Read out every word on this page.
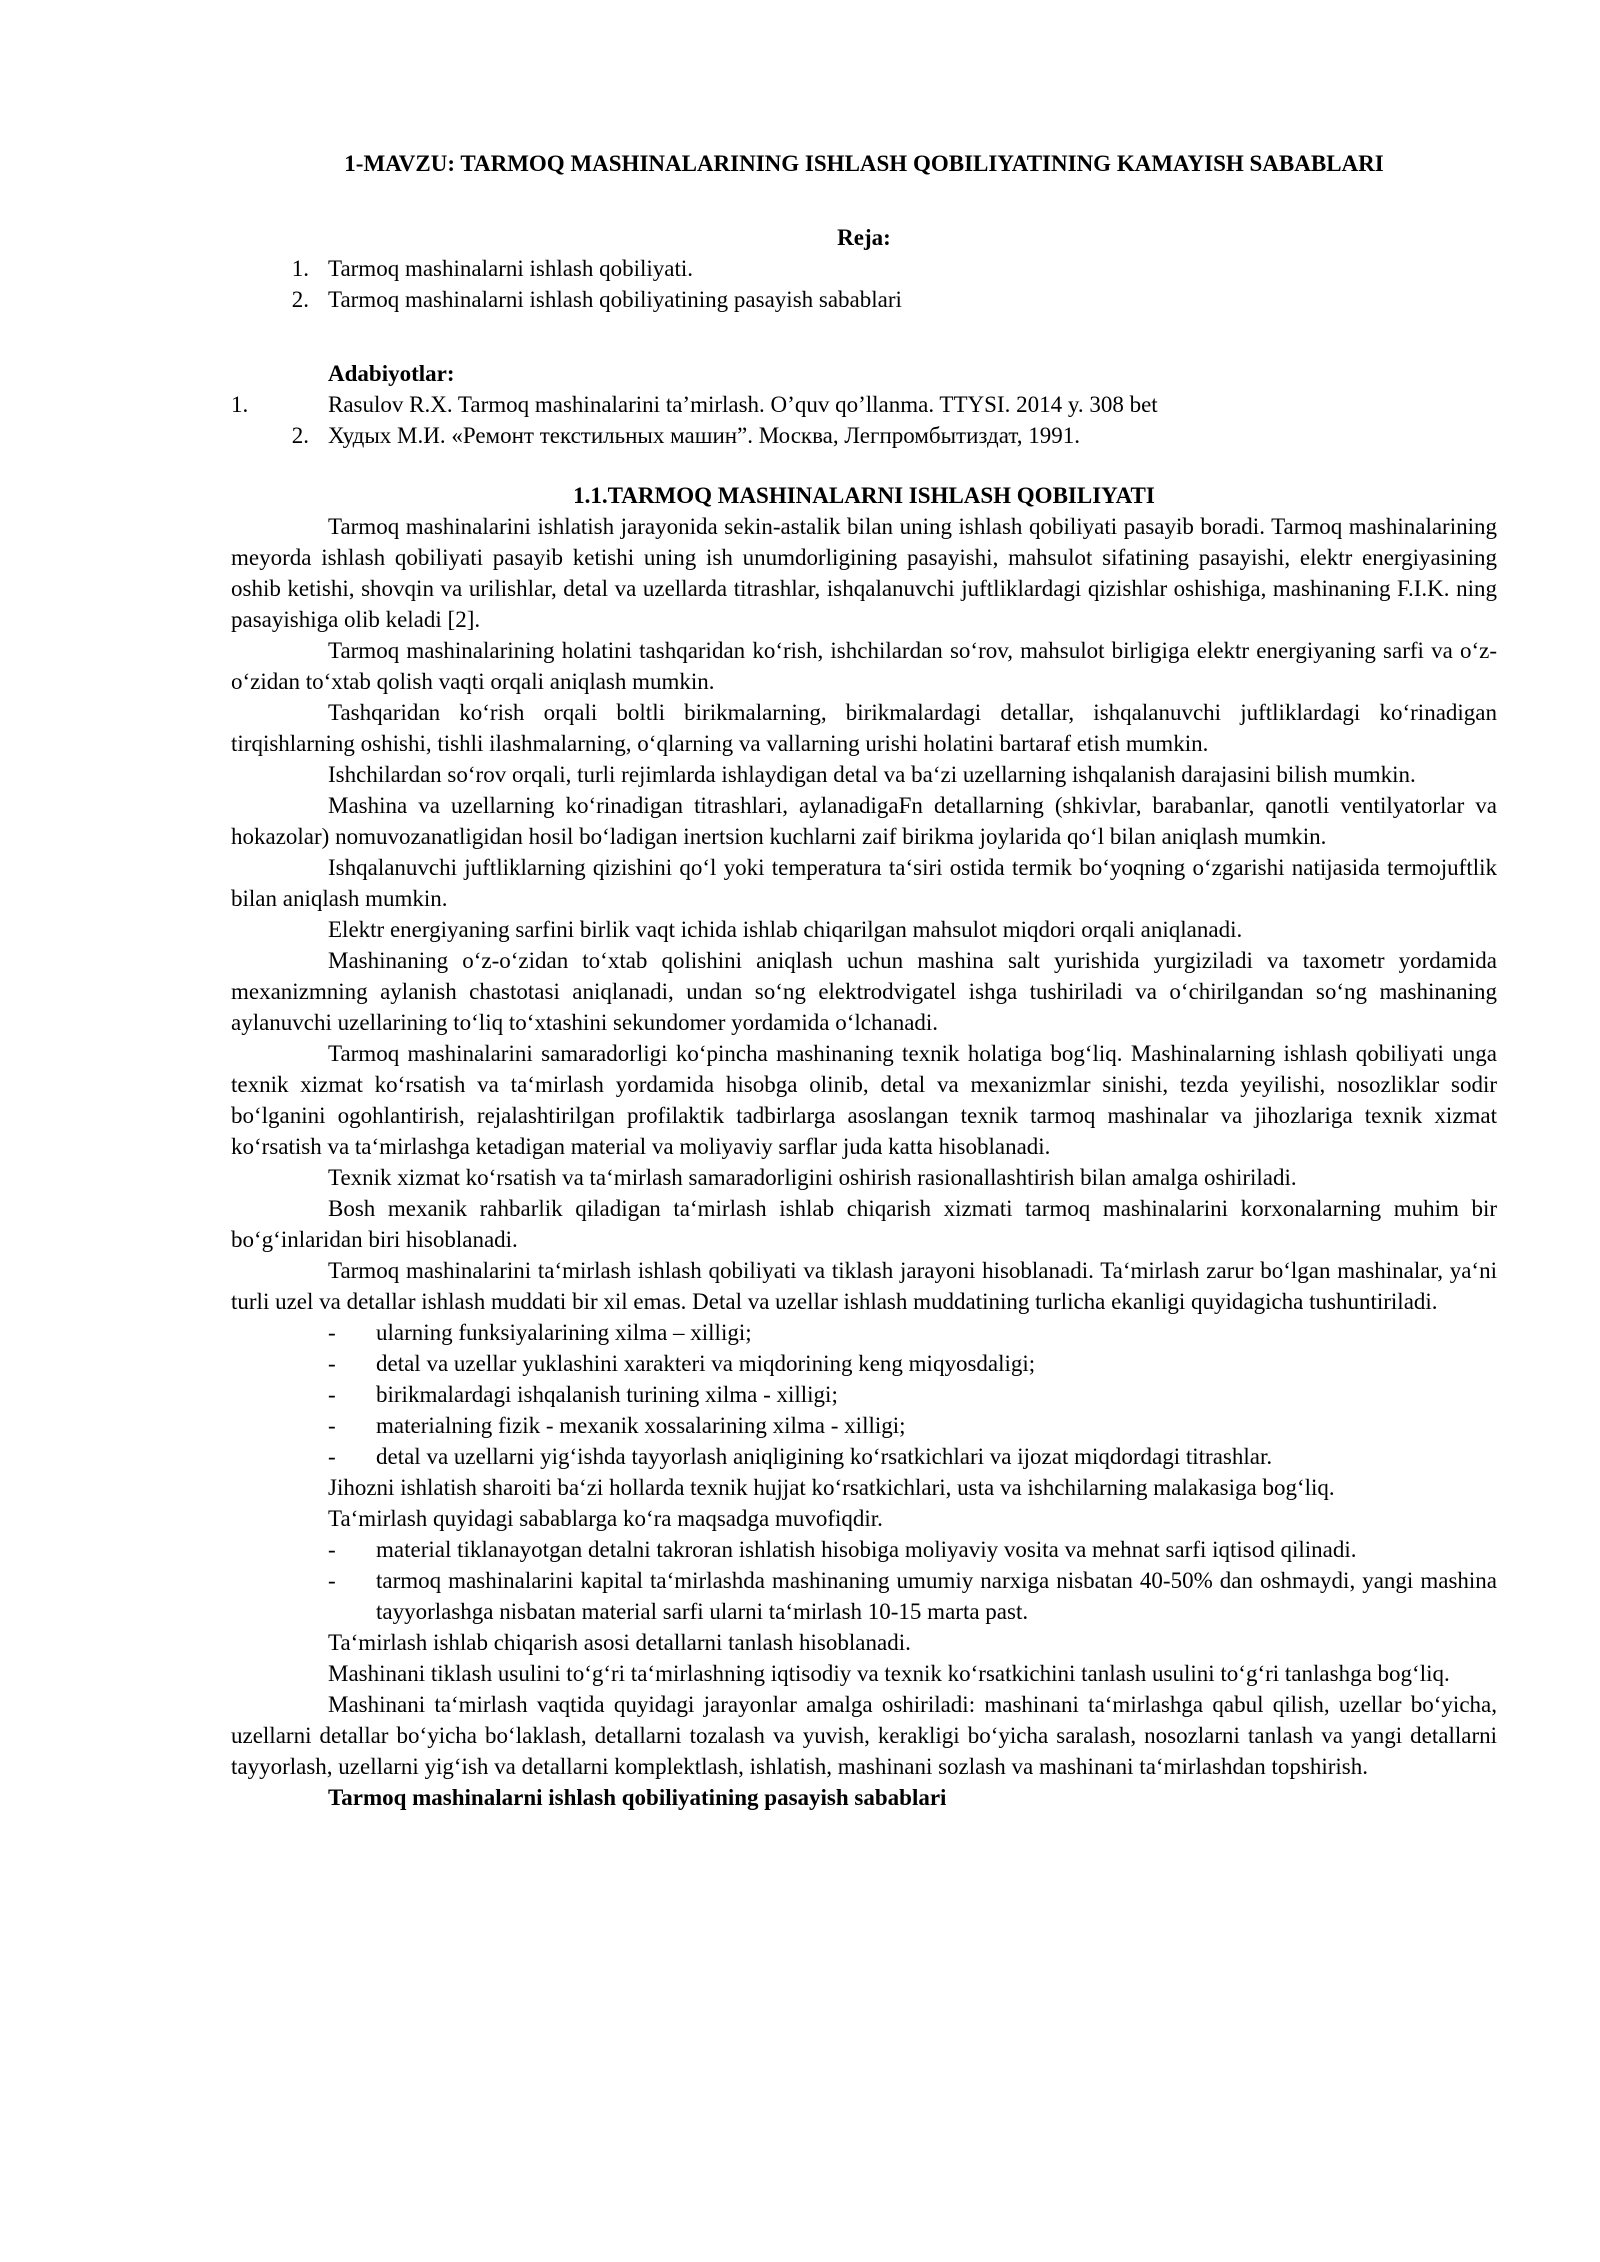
1-MAVZU: TARMOQ MASHINALARINING ISHLASH QOBILIYATINING KAMAYISH SABABLARI

Reja:

1. Tarmoq mashinalarni ishlash qobiliyati.
2. Tarmoq mashinalarni ishlash qobiliyatining pasayish sabablari

Adabiyotlar:

1.	Rasulov R.X. Tarmoq mashinalarini ta’mirlash. O’quv qo’llanma. TTYSI. 2014 y. 308 bet
2. Худых М.И. «Ремонт текстильных машин”. Москва, Легпромбытиздат, 1991.

1.1.TARMOQ MASHINALARNI ISHLASH QOBILIYATI

Tarmoq mashinalarini ishlatish jarayonida sekin-astalik bilan uning ishlash qobiliyati pasayib boradi. Tarmoq mashinalarining meyorda ishlash qobiliyati pasayib ketishi uning ish unumdorligining pasayishi, mahsulot sifatining pasayishi, elektr energiyasining oshib ketishi, shovqin va urilishlar, detal va uzellarda titrashlar, ishqalanuvchi juftliklardagi qizishlar oshishiga, mashinaning F.I.K. ning pasayishiga olib keladi [2].

Tarmoq mashinalarining holatini tashqaridan ko‘rish, ishchilardan so‘rov, mahsulot birligiga elektr energiyaning sarfi va o‘z-o‘zidan to‘xtab qolish vaqti orqali aniqlash mumkin.

Tashqaridan ko‘rish orqali boltli birikmalarning, birikmalardagi detallar, ishqalanuvchi juftliklardagi ko‘rinadigan tirqishlarning oshishi, tishli ilashmalarning, o‘qlarning va vallarning urishi holatini bartaraf etish mumkin.

Ishchilardan so‘rov orqali, turli rejimlarda ishlaydigan detal va ba‘zi uzellarning ishqalanish darajasini bilish mumkin.

Mashina va uzellarning ko‘rinadigan titrashlari, aylanadigaFn detallarning (shkivlar, barabanlar, qanotli ventilyatorlar va hokazolar) nomuvozanatligidan hosil bo‘ladigan inertsion kuchlarni zaif birikma joylarida qo‘l bilan aniqlash mumkin.

Ishqalanuvchi juftliklarning qizishini qo‘l yoki temperatura ta‘siri ostida termik bo‘yoqning o‘zgarishi natijasida termojuftlik bilan aniqlash mumkin.

Elektr energiyaning sarfini birlik vaqt ichida ishlab chiqarilgan mahsulot miqdori orqali aniqlanadi.

Mashinaning o‘z-o‘zidan to‘xtab qolishini aniqlash uchun mashina salt yurishida yurgiziladi va taxometr yordamida mexanizmning aylanish chastotasi aniqlanadi, undan so‘ng elektrodvigatel ishga tushiriladi va o‘chirilgandan so‘ng mashinaning aylanuvchi uzellarining to‘liq to‘xtashini sekundomer yordamida o‘lchanadi.

Tarmoq mashinalarini samaradorligi ko‘pincha mashinaning texnik holatiga bog‘liq. Mashinalarning ishlash qobiliyati unga texnik xizmat ko‘rsatish va ta‘mirlash yordamida hisobga olinib, detal va mexanizmlar sinishi, tezda yeyilishi, nosozliklar sodir bo‘lganini ogohlantirish, rejalashtirilgan profilaktik tadbirlarga asoslangan texnik tarmoq mashinalar va jihozlariga texnik xizmat ko‘rsatish va ta‘mirlashga ketadigan material va moliyaviy sarflar juda katta hisoblanadi.

Texnik xizmat ko‘rsatish va ta‘mirlash samaradorligini oshirish rasionallashtirish bilan amalga oshiriladi.

Bosh mexanik rahbarlik qiladigan ta‘mirlash ishlab chiqarish xizmati tarmoq mashinalarini korxonalarning muhim bir bo‘g‘inlaridan biri hisoblanadi.

Tarmoq mashinalarini ta‘mirlash ishlash qobiliyati va tiklash jarayoni hisoblanadi. Ta‘mirlash zarur bo‘lgan mashinalar, ya‘ni turli uzel va detallar ishlash muddati bir xil emas. Detal va uzellar ishlash muddatining turlicha ekanligi quyidagicha tushuntiriladi.

- ularning funksiyalarining xilma – xilligi;
- detal va uzellar yuklashini xarakteri va miqdorining keng miqyosdaligi;
- birikmalardagi ishqalanish turining xilma - xilligi;
- materialning fizik - mexanik xossalarining xilma - xilligi;
- detal va uzellarni yig‘ishda tayyorlash aniqligining ko‘rsatkichlari va ijozat miqdordagi titrashlar.

Jihozni ishlatish sharoiti ba‘zi hollarda texnik hujjat ko‘rsatkichlari, usta va ishchilarning malakasiga bog‘liq.

Ta‘mirlash quyidagi sabablarga ko‘ra maqsadga muvofiqdir.

- material tiklanayotgan detalni takroran ishlatish hisobiga moliyaviy vosita va mehnat sarfi iqtisod qilinadi.
- tarmoq mashinalarini kapital ta‘mirlashda mashinaning umumiy narxiga nisbatan 40-50% dan oshmaydi, yangi mashina tayyorlashga nisbatan material sarfi ularni ta‘mirlash 10-15 marta past.

Ta‘mirlash ishlab chiqarish asosi detallarni tanlash hisoblanadi.

Mashinani tiklash usulini to‘g‘ri ta‘mirlashning iqtisodiy va texnik ko‘rsatkichini tanlash usulini to‘g‘ri tanlashga bog‘liq.

Mashinani ta‘mirlash vaqtida quyidagi jarayonlar amalga oshiriladi: mashinani ta‘mirlashga qabul qilish, uzellar bo‘yicha, uzellarni detallar bo‘yicha bo‘laklash, detallarni tozalash va yuvish, kerakligi bo‘yicha saralash, nosozlarni tanlash va yangi detallarni tayyorlash, uzellarni yig‘ish va detallarni komplektlash, ishlatish, mashinani sozlash va mashinani ta‘mirlashdan topshirish.

Tarmoq mashinalarni ishlash qobiliyatining pasayish sabablari
